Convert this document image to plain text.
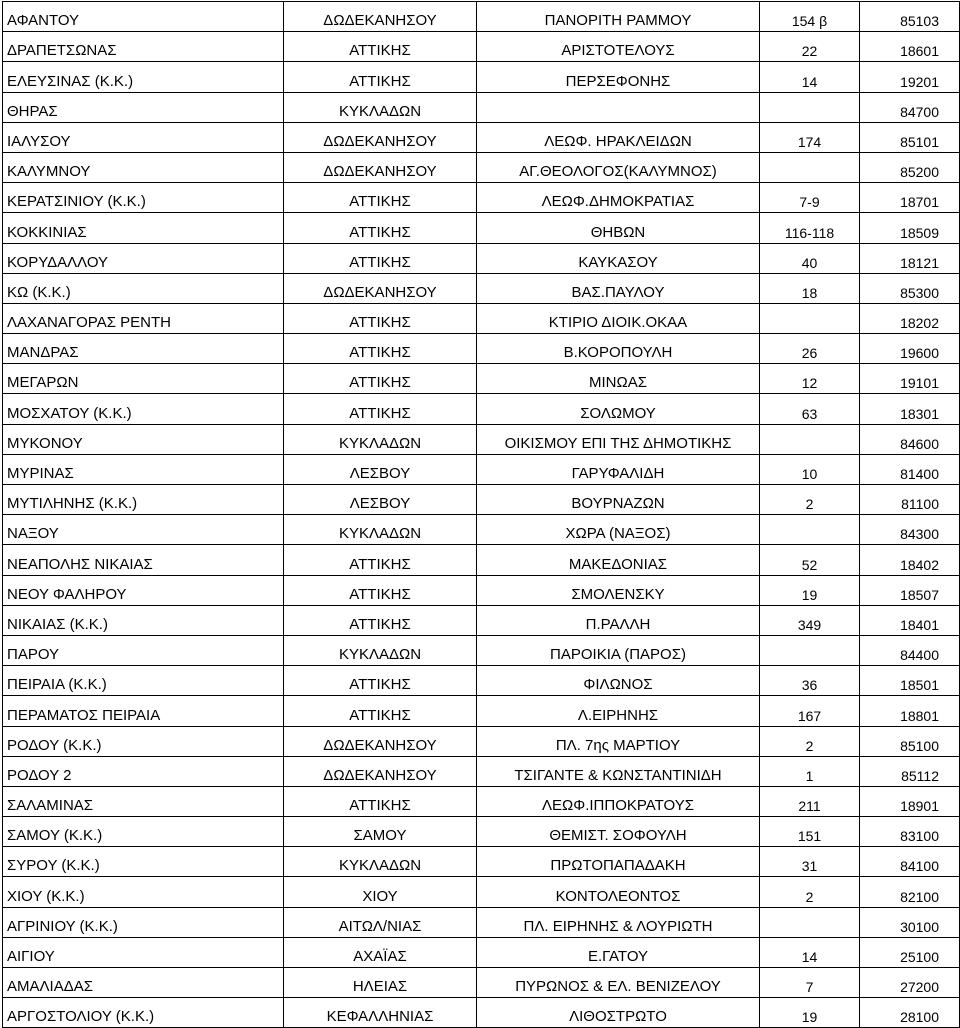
ΑΦΑΝΤΟΥ	ΔΩΔΕΚΑΝΗΣΟΥ	ΠΑΝΟΡΙΤΗ ΡΑΜΜΟΥ	154 β	85103
ΔΡΑΠΕΤΣΩΝΑΣ	ΑΤΤΙΚΗΣ	ΑΡΙΣΤΟΤΕΛΟΥΣ	22	18601
ΕΛΕΥΣΙΝΑΣ (Κ.Κ.)	ΑΤΤΙΚΗΣ	ΠΕΡΣΕΦΟΝΗΣ	14	19201
ΘΗΡΑΣ	ΚΥΚΛΑΔΩΝ			84700
ΙΑΛΥΣΟΥ	ΔΩΔΕΚΑΝΗΣΟΥ	ΛΕΩΦ. ΗΡΑΚΛΕΙΔΩΝ	174	85101
ΚΑΛΥΜΝΟΥ	ΔΩΔΕΚΑΝΗΣΟΥ	ΑΓ.ΘΕΟΛΟΓΟΣ(ΚΑΛΥΜΝΟΣ)		85200
ΚΕΡΑΤΣΙΝΙΟΥ (Κ.Κ.)	ΑΤΤΙΚΗΣ	ΛΕΩΦ.ΔΗΜΟΚΡΑΤΙΑΣ	7-9	18701
ΚΟΚΚΙΝΙΑΣ	ΑΤΤΙΚΗΣ	ΘΗΒΩΝ	116-118	18509
ΚΟΡΥΔΑΛΛΟΥ	ΑΤΤΙΚΗΣ	ΚΑΥΚΑΣΟΥ	40	18121
ΚΩ (Κ.Κ.)	ΔΩΔΕΚΑΝΗΣΟΥ	ΒΑΣ.ΠΑΥΛΟΥ	18	85300
ΛΑΧΑΝΑΓΟΡΑΣ ΡΕΝΤΗ	ΑΤΤΙΚΗΣ	ΚΤΙΡΙΟ ΔΙΟΙΚ.ΟΚΑΑ		18202
ΜΑΝΔΡΑΣ	ΑΤΤΙΚΗΣ	Β.ΚΟΡΟΠΟΥΛΗ	26	19600
ΜΕΓΑΡΩΝ	ΑΤΤΙΚΗΣ	ΜΙΝΩΑΣ	12	19101
ΜΟΣΧΑΤΟΥ (Κ.Κ.)	ΑΤΤΙΚΗΣ	ΣΟΛΩΜΟΥ	63	18301
ΜΥΚΟΝΟΥ	ΚΥΚΛΑΔΩΝ	ΟΙΚΙΣΜΟΥ ΕΠΙ ΤΗΣ ΔΗΜΟΤΙΚΗΣ		84600
ΜΥΡΙΝΑΣ	ΛΕΣΒΟΥ	ΓΑΡΥΦΑΛΙΔΗ	10	81400
ΜΥΤΙΛΗΝΗΣ (Κ.Κ.)	ΛΕΣΒΟΥ	ΒΟΥΡΝΑΖΩΝ	2	81100
ΝΑΞΟΥ	ΚΥΚΛΑΔΩΝ	ΧΩΡΑ (ΝΑΞΟΣ)		84300
ΝΕΑΠΟΛΗΣ ΝΙΚΑΙΑΣ	ΑΤΤΙΚΗΣ	ΜΑΚΕΔΟΝΙΑΣ	52	18402
ΝΕΟΥ ΦΑΛΗΡΟΥ	ΑΤΤΙΚΗΣ	ΣΜΟΛΕΝΣΚΥ	19	18507
ΝΙΚΑΙΑΣ (Κ.Κ.)	ΑΤΤΙΚΗΣ	Π.ΡΑΛΛΗ	349	18401
ΠΑΡΟΥ	ΚΥΚΛΑΔΩΝ	ΠΑΡΟΙΚΙΑ (ΠΑΡΟΣ)		84400
ΠΕΙΡΑΙΑ (Κ.Κ.)	ΑΤΤΙΚΗΣ	ΦΙΛΩΝΟΣ	36	18501
ΠΕΡΑΜΑΤΟΣ ΠΕΙΡΑΙΑ	ΑΤΤΙΚΗΣ	Λ.ΕΙΡΗΝΗΣ	167	18801
ΡΟΔΟΥ (Κ.Κ.)	ΔΩΔΕΚΑΝΗΣΟΥ	ΠΛ. 7ης ΜΑΡΤΙΟΥ	2	85100
ΡΟΔΟΥ 2	ΔΩΔΕΚΑΝΗΣΟΥ	ΤΣΙΓΑΝΤΕ & ΚΩΝΣΤΑΝΤΙΝΙΔΗ	1	85112
ΣΑΛΑΜΙΝΑΣ	ΑΤΤΙΚΗΣ	ΛΕΩΦ.ΙΠΠΟΚΡΑΤΟΥΣ	211	18901
ΣΑΜΟΥ (Κ.Κ.)	ΣΑΜΟΥ	ΘΕΜΙΣΤ. ΣΟΦΟΥΛΗ	151	83100
ΣΥΡΟΥ (Κ.Κ.)	ΚΥΚΛΑΔΩΝ	ΠΡΩΤΟΠΑΠΑΔΑΚΗ	31	84100
ΧΙΟΥ (Κ.Κ.)	ΧΙΟΥ	ΚΟΝΤΟΛΕΟΝΤΟΣ	2	82100
ΑΓΡΙΝΙΟΥ (Κ.Κ.)	ΑΙΤΩΛ/ΝΙΑΣ	ΠΛ. ΕΙΡΗΝΗΣ & ΛΟΥΡΙΩΤΗ		30100
ΑΙΓΙΟΥ	ΑΧΑΪΑΣ	Ε.ΓΑΤΟΥ	14	25100
ΑΜΑΛΙΑΔΑΣ	ΗΛΕΙΑΣ	ΠΥΡΩΝΟΣ & ΕΛ. ΒΕΝΙΖΕΛΟΥ	7	27200
ΑΡΓΟΣΤΟΛΙΟΥ (Κ.Κ.)	ΚΕΦΑΛΛΗΝΙΑΣ	ΛΙΘΟΣΤΡΩΤΟ	19	28100
